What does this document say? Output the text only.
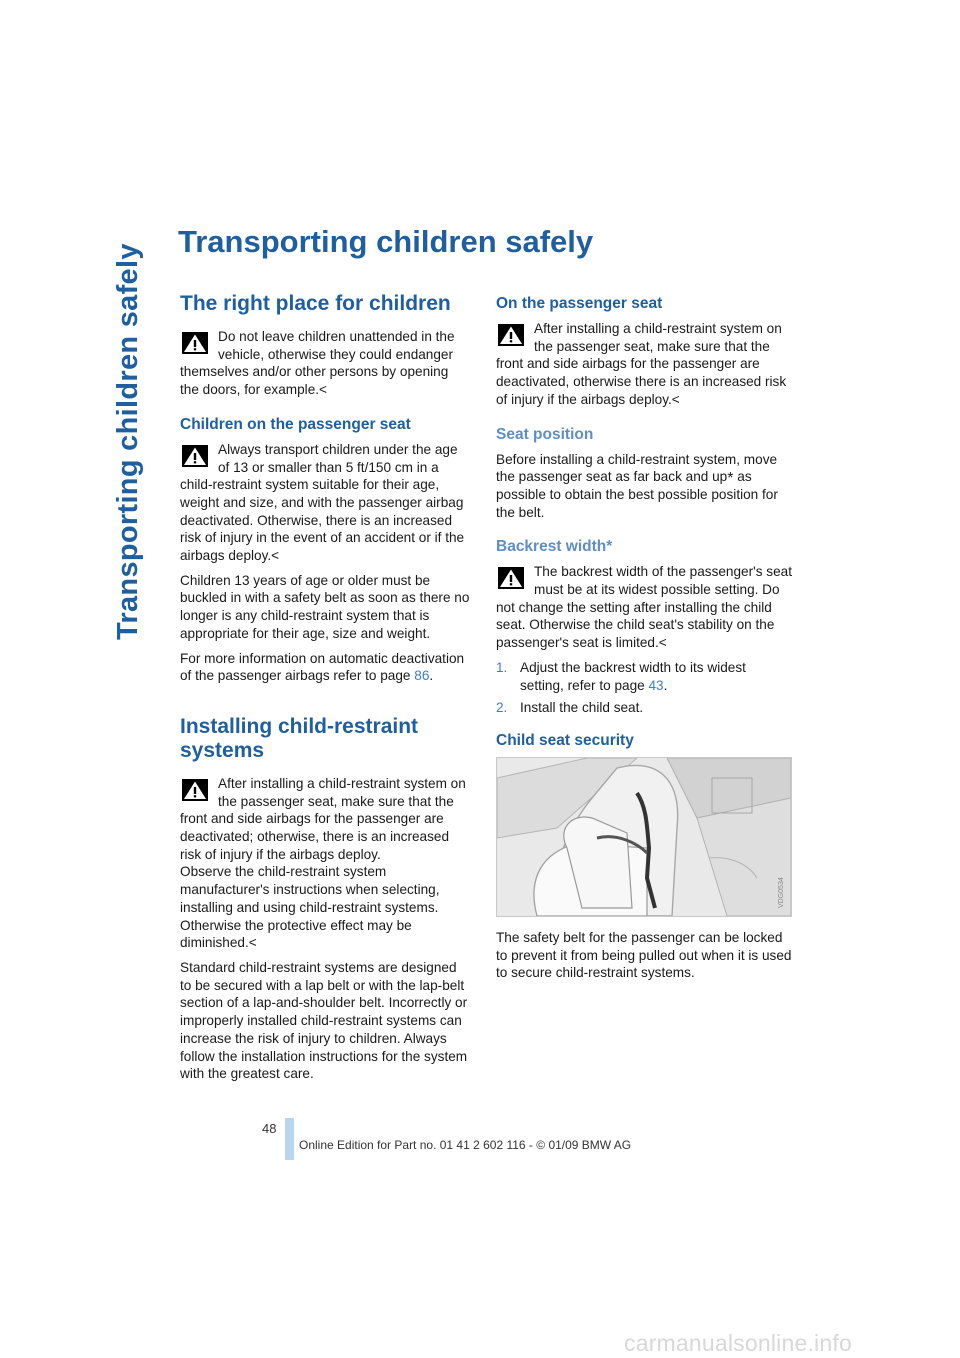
Transporting children safely
Transporting children safely
The right place for children

Do not leave children unattended in the vehicle, otherwise they could endanger themselves and/or other persons by opening the doors, for example.<

Children on the passenger seat

Always transport children under the age of 13 or smaller than 5 ft/150 cm in a child-restraint system suitable for their age, weight and size, and with the passenger airbag deactivated. Otherwise, there is an increased risk of injury in the event of an accident or if the airbags deploy.<

Children 13 years of age or older must be buckled in with a safety belt as soon as there no longer is any child-restraint system that is appropriate for their age, size and weight.

For more information on automatic deactivation of the passenger airbags refer to page 86.

Installing child-restraint systems

After installing a child-restraint system on the passenger seat, make sure that the front and side airbags for the passenger are deactivated; otherwise, there is an increased risk of injury if the airbags deploy.

Observe the child-restraint system manufacturer's instructions when selecting, installing and using child-restraint systems. Otherwise the protective effect may be diminished.<

Standard child-restraint systems are designed to be secured with a lap belt or with the lap-belt section of a lap-and-shoulder belt. Incorrectly or improperly installed child-restraint systems can increase the risk of injury to children. Always follow the installation instructions for the system with the greatest care.

On the passenger seat

After installing a child-restraint system on the passenger seat, make sure that the front and side airbags for the passenger are deactivated, otherwise there is an increased risk of injury if the airbags deploy.<

Seat position

Before installing a child-restraint system, move the passenger seat as far back and up* as possible to obtain the best possible position for the belt.

Backrest width*

The backrest width of the passenger's seat must be at its widest possible setting. Do not change the setting after installing the child seat. Otherwise the child seat's stability on the passenger's seat is limited.<

1. Adjust the backrest width to its widest setting, refer to page 43.
2. Install the child seat.
Child seat security
VDG0534

The safety belt for the passenger can be locked to prevent it from being pulled out when it is used to secure child-restraint systems.

48
Online Edition for Part no. 01 41 2 602 116 - © 01/09 BMW AG
carmanualsonline.info
